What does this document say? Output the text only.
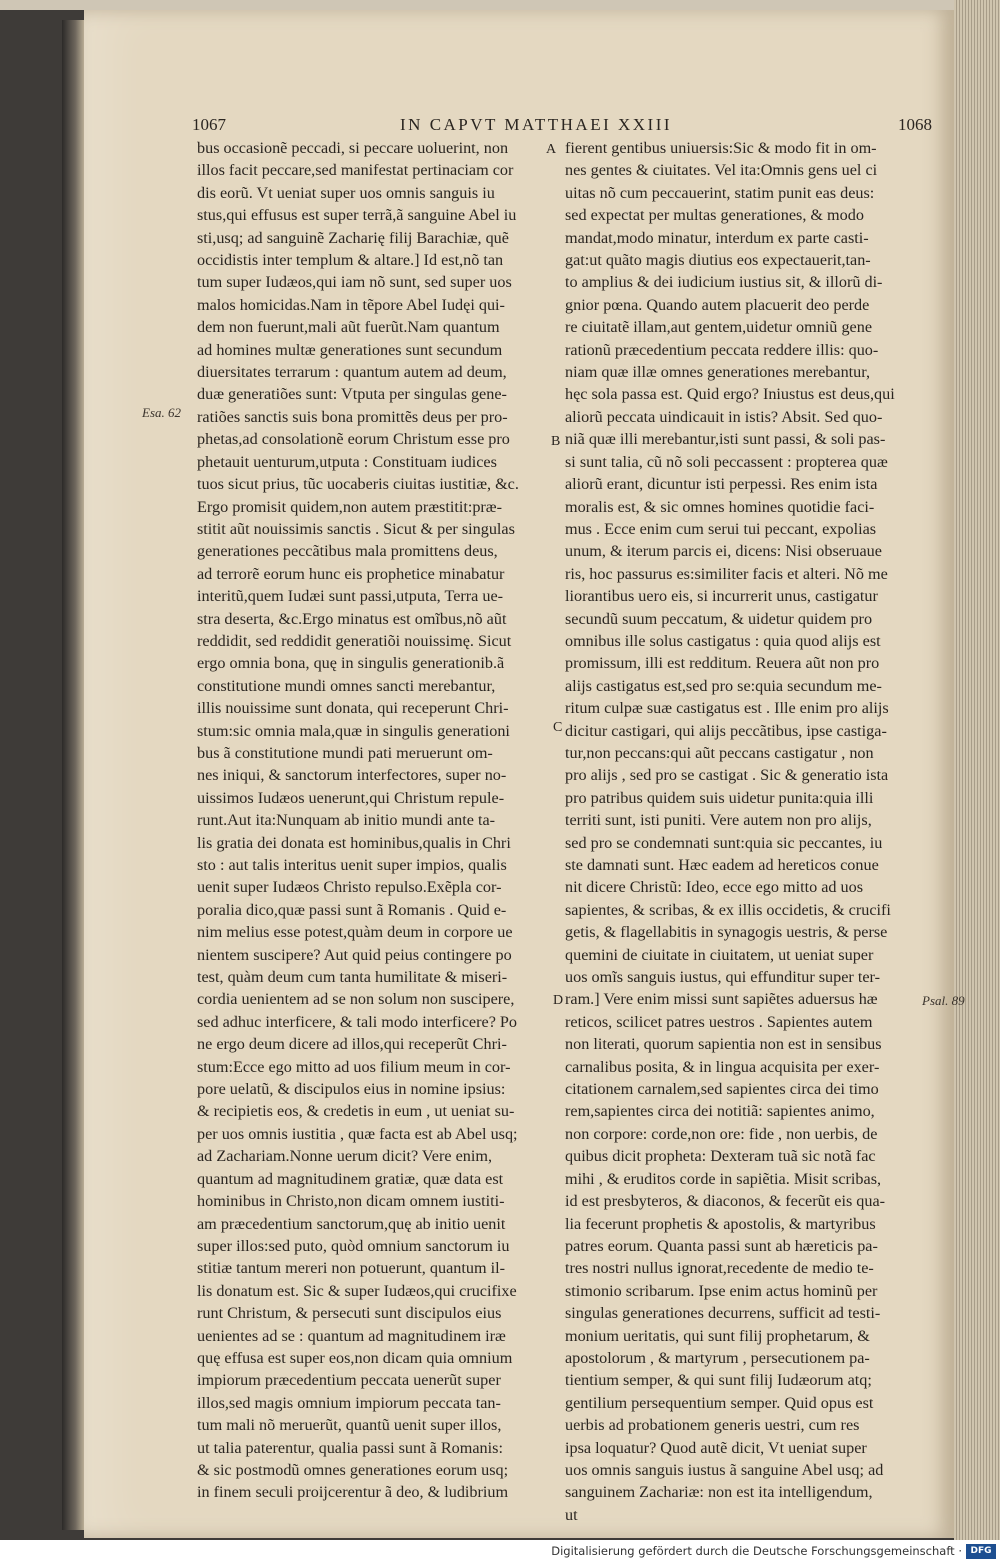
1067	IN CAPVT MATTHAEI XXIII	1068
bus occasionẽ peccadi, si peccare uoluerint, non
illos facit peccare,sed manifestat pertinaciam cor
dis eorũ. Vt ueniat super uos omnis sanguis iu
stus,qui effusus est super terrã,ã sanguine Abel iu
sti,usq; ad sanguinẽ Zacharię filij Barachiæ, quẽ
occidistis inter templum & altare.] Id est,nõ tan
tum super Iudæos,qui iam nõ sunt, sed super uos
malos homicidas.Nam in tẽpore Abel Iudęi qui-
dem non fuerunt,mali aũt fuerũt.Nam quantum
ad homines multæ generationes sunt secundum
diuersitates terrarum : quantum autem ad deum,
duæ generatiões sunt: Vtputa per singulas gene-
ratiões sanctis suis bona promittẽs deus per pro-
phetas,ad consolationẽ eorum Christum esse pro
phetauit uenturum,utputa : Constituam iudices
tuos sicut prius, tũc uocaberis ciuitas iustitiæ, &c.
Ergo promisit quidem,non autem præstitit:præ-
stitit aũt nouissimis sanctis . Sicut & per singulas
generationes peccãtibus mala promittens deus,
ad terrorẽ eorum hunc eis prophetice minabatur
interitũ,quem Iudæi sunt passi,utputa, Terra ue-
stra deserta, &c.Ergo minatus est omĩbus,nõ aũt
reddidit, sed reddidit generatiõi nouissimę. Sicut
ergo omnia bona, quę in singulis generationib.ã
constitutione mundi omnes sancti merebantur,
illis nouissime sunt donata, qui receperunt Chri-
stum:sic omnia mala,quæ in singulis generationi
bus ã constitutione mundi pati meruerunt om-
nes iniqui, & sanctorum interfectores, super no-
uissimos Iudæos uenerunt,qui Christum repule-
runt.Aut ita:Nunquam ab initio mundi ante ta-
lis gratia dei donata est hominibus,qualis in Chri
sto : aut talis interitus uenit super impios, qualis
uenit super Iudæos Christo repulso.Exẽpla cor-
poralia dico,quæ passi sunt ã Romanis . Quid e-
nim melius esse potest,quàm deum in corpore ue
nientem suscipere? Aut quid peius contingere po
test, quàm deum cum tanta humilitate & miseri-
cordia uenientem ad se non solum non suscipere,
sed adhuc interficere, & tali modo interficere? Po
ne ergo deum dicere ad illos,qui receperũt Chri-
stum:Ecce ego mitto ad uos filium meum in cor-
pore uelatũ, & discipulos eius in nomine ipsius:
& recipietis eos, & credetis in eum , ut ueniat su-
per uos omnis iustitia , quæ facta est ab Abel usq;
ad Zachariam.Nonne uerum dicit? Vere enim,
quantum ad magnitudinem gratiæ, quæ data est
hominibus in Christo,non dicam omnem iustiti-
am præcedentium sanctorum,quę ab initio uenit
super illos:sed puto, quòd omnium sanctorum iu
stitiæ tantum mereri non potuerunt, quantum il-
lis donatum est. Sic & super Iudæos,qui crucifixe
runt Christum, & persecuti sunt discipulos eius
uenientes ad se : quantum ad magnitudinem iræ
quę effusa est super eos,non dicam quia omnium
impiorum præcedentium peccata uenerũt super
illos,sed magis omnium impiorum peccata tan-
tum mali nõ meruerũt, quantũ uenit super illos,
ut talia paterentur, qualia passi sunt ã Romanis:
& sic postmodũ omnes generationes eorum usq;
in finem seculi proijcerentur ã deo, & ludibrium
fierent gentibus uniuersis:Sic & modo fit in om-
nes gentes & ciuitates. Vel ita:Omnis gens uel ci
uitas nõ cum peccauerint, statim punit eas deus:
sed expectat per multas generationes, & modo
mandat,modo minatur, interdum ex parte casti-
gat:ut quãto magis diutius eos expectauerit,tan-
to amplius & dei iudicium iustius sit, & illorũ di-
gnior pœna. Quando autem placuerit deo perde
re ciuitatẽ illam,aut gentem,uidetur omniũ gene
rationũ præcedentium peccata reddere illis: quo-
niam quæ illæ omnes generationes merebantur,
hęc sola passa est. Quid ergo? Iniustus est deus,qui
aliorũ peccata uindicauit in istis? Absit. Sed quo-
niã quæ illi merebantur,isti sunt passi, & soli pas-
si sunt talia, cũ nõ soli peccassent : propterea quæ
aliorũ erant, dicuntur isti perpessi. Res enim ista
moralis est, & sic omnes homines quotidie faci-
mus . Ecce enim cum serui tui peccant, expolias
unum, & iterum parcis ei, dicens: Nisi obseruaue
ris, hoc passurus es:similiter facis et alteri. Nõ me
liorantibus uero eis, si incurrerit unus, castigatur
secundũ suum peccatum, & uidetur quidem pro
omnibus ille solus castigatus : quia quod alijs est
promissum, illi est redditum. Reuera aũt non pro
alijs castigatus est,sed pro se:quia secundum me-
ritum culpæ suæ castigatus est . Ille enim pro alijs
dicitur castigari, qui alijs peccãtibus, ipse castiga-
tur,non peccans:qui aũt peccans castigatur , non
pro alijs , sed pro se castigat . Sic & generatio ista
pro patribus quidem suis uidetur punita:quia illi
territi sunt, isti puniti. Vere autem non pro alijs,
sed pro se condemnati sunt:quia sic peccantes, iu
ste damnati sunt. Hæc eadem ad hereticos conue
nit dicere Christũ: Ideo, ecce ego mitto ad uos
sapientes, & scribas, & ex illis occidetis, & crucifi
getis, & flagellabitis in synagogis uestris, & perse
quemini de ciuitate in ciuitatem, ut ueniat super
uos omĩs sanguis iustus, qui effunditur super ter-
ram.] Vere enim missi sunt sapiẽtes aduersus hæ
reticos, scilicet patres uestros . Sapientes autem
non literati, quorum sapientia non est in sensibus
carnalibus posita, & in lingua acquisita per exer-
citationem carnalem,sed sapientes circa dei timo
rem,sapientes circa dei notitiã: sapientes animo,
non corpore: corde,non ore: fide , non uerbis, de
quibus dicit propheta: Dexteram tuã sic notã fac
mihi , & eruditos corde in sapiẽtia. Misit scribas,
id est presbyteros, & diaconos, & fecerũt eis qua-
lia fecerunt prophetis & apostolis, & martyribus
patres eorum. Quanta passi sunt ab hæreticis pa-
tres nostri nullus ignorat,recedente de medio te-
stimonio scribarum. Ipse enim actus hominũ per
singulas generationes decurrens, sufficit ad testi-
monium ueritatis, qui sunt filij prophetarum, &
apostolorum , & martyrum , persecutionem pa-
tientium semper, & qui sunt filij Iudæorum atq;
gentilium persequentium semper. Quid opus est
uerbis ad probationem generis uestri, cum res
ipsa loquatur? Quod autẽ dicit, Vt ueniat super
uos omnis sanguis iustus ã sanguine Abel usq; ad
sanguinem Zachariæ: non est ita intelligendum,
ut
A
B
C
D
Esa. 62
Psal. 89
Digitalisierung gefördert durch die Deutsche Forschungsgemeinschaft · DFG
